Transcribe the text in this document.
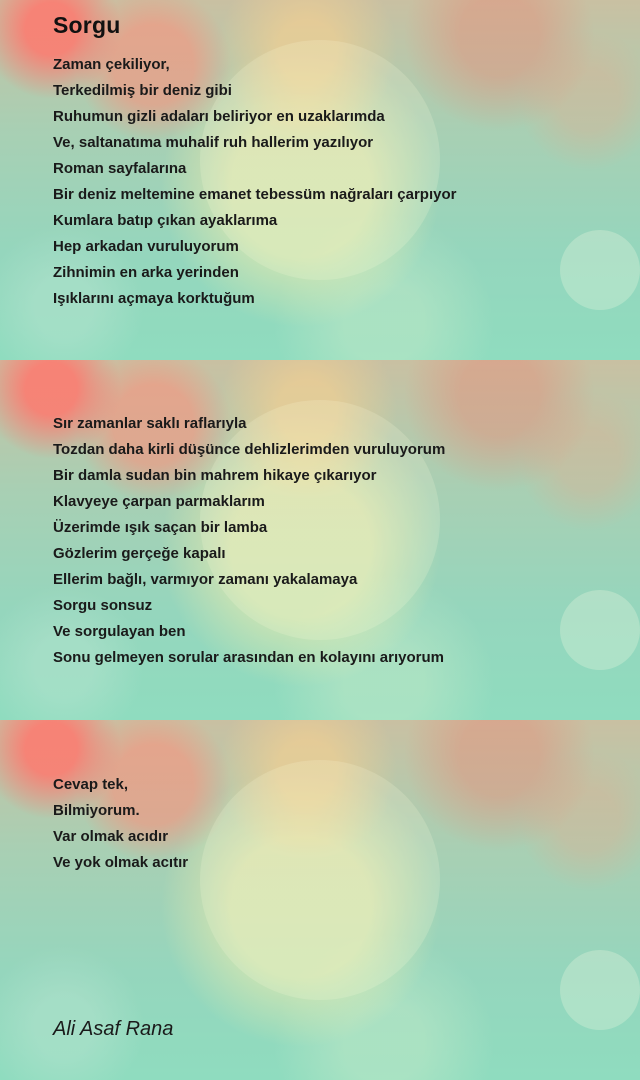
Sorgu
Zaman çekiliyor,
Terkedilmiş bir deniz gibi
Ruhumun gizli adaları beliriyor en uzaklarımda
Ve, saltanatıma muhalif ruh hallerim yazılıyor
Roman sayfalarına
Bir deniz meltemine emanet tebessüm nağraları çarpıyor
Kumlara batıp çıkan ayaklarıma
Hep arkadan vuruluyorum
Zihnimin en arka yerinden
Işıklarını açmaya korktuğum
Sır zamanlar saklı raflarıyla
Tozdan daha kirli düşünce dehlizlerimden vuruluyorum
Bir damla sudan bin mahrem hikaye çıkarıyor
Klavyeye çarpan parmaklarım
Üzerimde ışık saçan bir lamba
Gözlerim gerçeğe kapalı
Ellerim bağlı, varmıyor zamanı yakalamaya
Sorgu sonsuz
Ve sorgulayan ben
Sonu gelmeyen sorular arasından en kolayını arıyorum
Cevap tek,
Bilmiyorum.
Var olmak acıdır
Ve yok olmak acıtır

Ali Asaf Rana
